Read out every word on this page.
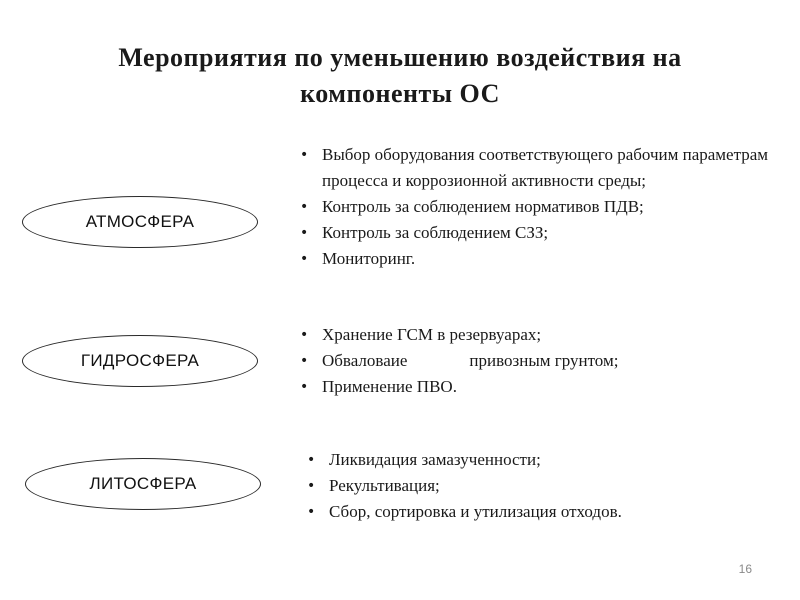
Мероприятия по уменьшению воздействия на
компоненты ОС
АТМОСФЕРА
• Выбор оборудования соответствующего рабочим параметрам процесса и коррозионной активности среды;
• Контроль за соблюдением нормативов ПДВ;
• Контроль за соблюдением СЗЗ;
• Мониторинг.
ГИДРОСФЕРА
• Хранение ГСМ в резервуарах;
• Обваловаие	привозным грунтом;
• Применение ПВО.
ЛИТОСФЕРА
• Ликвидация замазученности;
• Рекультивация;
• Сбор, сортировка и утилизация отходов.
16
